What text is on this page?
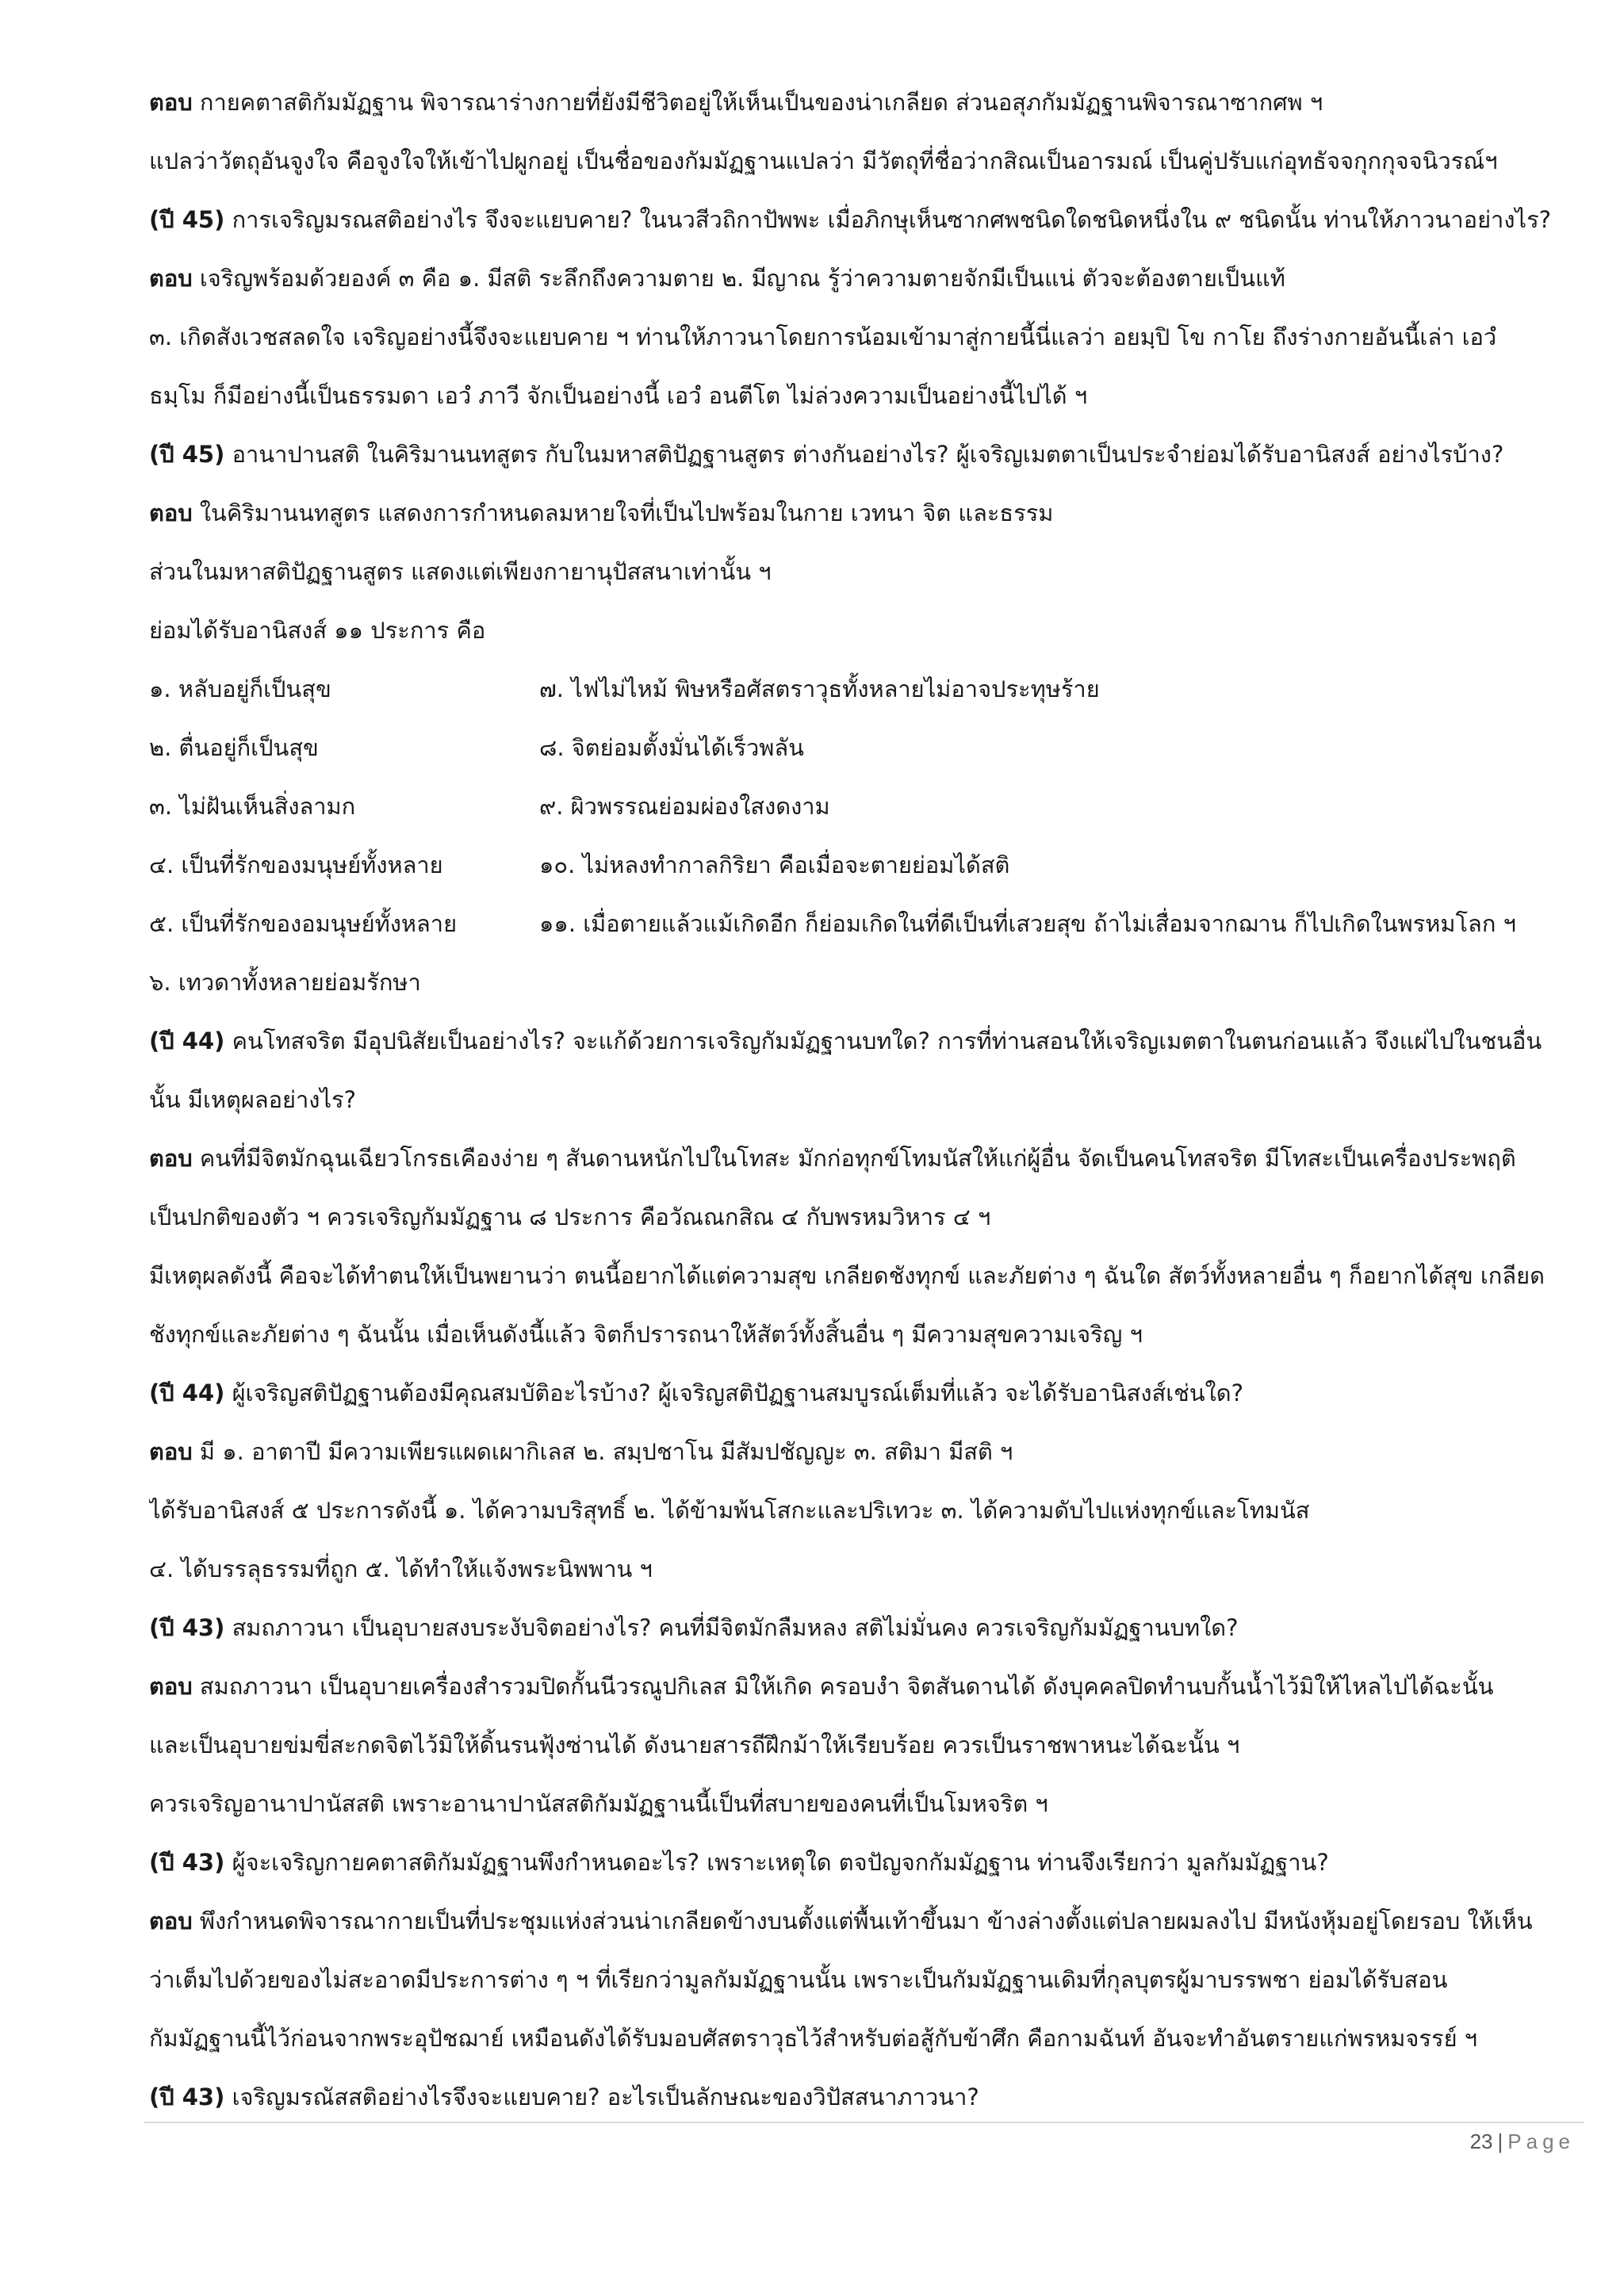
ตอบ กายคตาสติกัมมัฏฐาน พิจารณาร่างกายที่ยังมีชีวิตอยู่ให้เห็นเป็นของน่าเกลียด ส่วนอสุภกัมมัฏฐานพิจารณาซากศพ ฯ
แปลว่าวัตถุอันจูงใจ คือจูงใจให้เข้าไปผูกอยู่ เป็นชื่อของกัมมัฏฐานแปลว่า มีวัตถุที่ชื่อว่ากสิณเป็นอารมณ์ เป็นคู่ปรับแก่อุทธัจจกุกกุจจนิวรณ์ฯ
(ปี 45) การเจริญมรณสติอย่างไร จึงจะแยบคาย? ในนวสีวถิกาปัพพะ เมื่อภิกษุเห็นซากศพชนิดใดชนิดหนึ่งใน ๙ ชนิดนั้น ท่านให้ภาวนาอย่างไร?
ตอบ เจริญพร้อมด้วยองค์ ๓ คือ ๑. มีสติ ระลึกถึงความตาย ๒. มีญาณ รู้ว่าความตายจักมีเป็นแน่ ตัวจะต้องตายเป็นแท้
๓. เกิดสังเวชสลดใจ เจริญอย่างนี้จึงจะแยบคาย ฯ ท่านให้ภาวนาโดยการน้อมเข้ามาสู่กายนี้นี่แลว่า อยมฺปิ โข กาโย ถึงร่างกายอันนี้เล่า เอวํ
ธมฺโม ก็มีอย่างนี้เป็นธรรมดา เอวํ ภาวี จักเป็นอย่างนี้ เอวํ อนตีโต ไม่ล่วงความเป็นอย่างนี้ไปได้ ฯ
(ปี 45) อานาปานสติ ในคิริมานนทสูตร กับในมหาสติปัฏฐานสูตร ต่างกันอย่างไร? ผู้เจริญเมตตาเป็นประจำย่อมได้รับอานิสงส์ อย่างไรบ้าง?
ตอบ ในคิริมานนทสูตร แสดงการกำหนดลมหายใจที่เป็นไปพร้อมในกาย เวทนา จิต และธรรม
ส่วนในมหาสติปัฏฐานสูตร แสดงแต่เพียงกายานุปัสสนาเท่านั้น ฯ
ย่อมได้รับอานิสงส์ ๑๑ ประการ คือ
๑. หลับอยู่ก็เป็นสุข	๗. ไฟไม่ไหม้ พิษหรือศัสตราวุธทั้งหลายไม่อาจประทุษร้าย
๒. ตื่นอยู่ก็เป็นสุข	๘. จิตย่อมตั้งมั่นได้เร็วพลัน
๓. ไม่ฝันเห็นสิ่งลามก	๙. ผิวพรรณย่อมผ่องใสงดงาม
๔. เป็นที่รักของมนุษย์ทั้งหลาย	๑๐. ไม่หลงทำกาลกิริยา คือเมื่อจะตายย่อมได้สติ
๕. เป็นที่รักของอมนุษย์ทั้งหลาย	๑๑. เมื่อตายแล้วแม้เกิดอีก ก็ย่อมเกิดในที่ดีเป็นที่เสวยสุข ถ้าไม่เสื่อมจากฌาน ก็ไปเกิดในพรหมโลก ฯ
๖. เทวดาทั้งหลายย่อมรักษา
(ปี 44) คนโทสจริต มีอุปนิสัยเป็นอย่างไร? จะแก้ด้วยการเจริญกัมมัฏฐานบทใด? การที่ท่านสอนให้เจริญเมตตาในตนก่อนแล้ว จึงแผ่ไปในชนอื่น
นั้น มีเหตุผลอย่างไร?
ตอบ คนที่มีจิตมักฉุนเฉียวโกรธเคืองง่าย ๆ สันดานหนักไปในโทสะ มักก่อทุกข์โทมนัสให้แก่ผู้อื่น จัดเป็นคนโทสจริต มีโทสะเป็นเครื่องประพฤติ
เป็นปกติของตัว ฯ ควรเจริญกัมมัฏฐาน ๘ ประการ คือวัณณกสิณ ๔ กับพรหมวิหาร ๔ ฯ
มีเหตุผลดังนี้ คือจะได้ทำตนให้เป็นพยานว่า ตนนี้อยากได้แต่ความสุข เกลียดชังทุกข์ และภัยต่าง ๆ ฉันใด สัตว์ทั้งหลายอื่น ๆ ก็อยากได้สุข เกลียด
ชังทุกข์และภัยต่าง ๆ ฉันนั้น เมื่อเห็นดังนี้แล้ว จิตก็ปรารถนาให้สัตว์ทั้งสิ้นอื่น ๆ มีความสุขความเจริญ ฯ
(ปี 44) ผู้เจริญสติปัฏฐานต้องมีคุณสมบัติอะไรบ้าง? ผู้เจริญสติปัฏฐานสมบูรณ์เต็มที่แล้ว จะได้รับอานิสงส์เช่นใด?
ตอบ มี ๑. อาตาปี มีความเพียรแผดเผากิเลส ๒. สมฺปชาโน มีสัมปชัญญะ ๓. สติมา มีสติ ฯ
ได้รับอานิสงส์ ๕ ประการดังนี้ ๑. ได้ความบริสุทธิ์ ๒. ได้ข้ามพ้นโสกะและปริเทวะ ๓. ได้ความดับไปแห่งทุกข์และโทมนัส
๔. ได้บรรลุธรรมที่ถูก ๕. ได้ทำให้แจ้งพระนิพพาน ฯ
(ปี 43) สมถภาวนา เป็นอุบายสงบระงับจิตอย่างไร? คนที่มีจิตมักลืมหลง สติไม่มั่นคง ควรเจริญกัมมัฏฐานบทใด?
ตอบ สมถภาวนา เป็นอุบายเครื่องสำรวมปิดกั้นนีวรณูปกิเลส มิให้เกิด ครอบงำ จิตสันดานได้ ดังบุคคลปิดทำนบกั้นน้ำไว้มิให้ไหลไปได้ฉะนั้น
และเป็นอุบายข่มขี่สะกดจิตไว้มิให้ดิ้นรนฟุ้งซ่านได้ ดังนายสารถีฝึกม้าให้เรียบร้อย ควรเป็นราชพาหนะได้ฉะนั้น ฯ
ควรเจริญอานาปานัสสติ เพราะอานาปานัสสติกัมมัฏฐานนี้เป็นที่สบายของคนที่เป็นโมหจริต ฯ
(ปี 43) ผู้จะเจริญกายคตาสติกัมมัฏฐานพึงกำหนดอะไร? เพราะเหตุใด ตจปัญจกกัมมัฏฐาน ท่านจึงเรียกว่า มูลกัมมัฏฐาน?
ตอบ พึงกำหนดพิจารณากายเป็นที่ประชุมแห่งส่วนน่าเกลียดข้างบนตั้งแต่พื้นเท้าขึ้นมา ข้างล่างตั้งแต่ปลายผมลงไป มีหนังหุ้มอยู่โดยรอบ ให้เห็น
ว่าเต็มไปด้วยของไม่สะอาดมีประการต่าง ๆ ฯ ที่เรียกว่ามูลกัมมัฏฐานนั้น เพราะเป็นกัมมัฏฐานเดิมที่กุลบุตรผู้มาบรรพชา ย่อมได้รับสอน
กัมมัฏฐานนี้ไว้ก่อนจากพระอุปัชฌาย์ เหมือนดังได้รับมอบศัสตราวุธไว้สำหรับต่อสู้กับข้าศึก คือกามฉันท์ อันจะทำอันตรายแก่พรหมจรรย์ ฯ
(ปี 43) เจริญมรณัสสติอย่างไรจึงจะแยบคาย? อะไรเป็นลักษณะของวิปัสสนาภาวนา?
23 | Page
